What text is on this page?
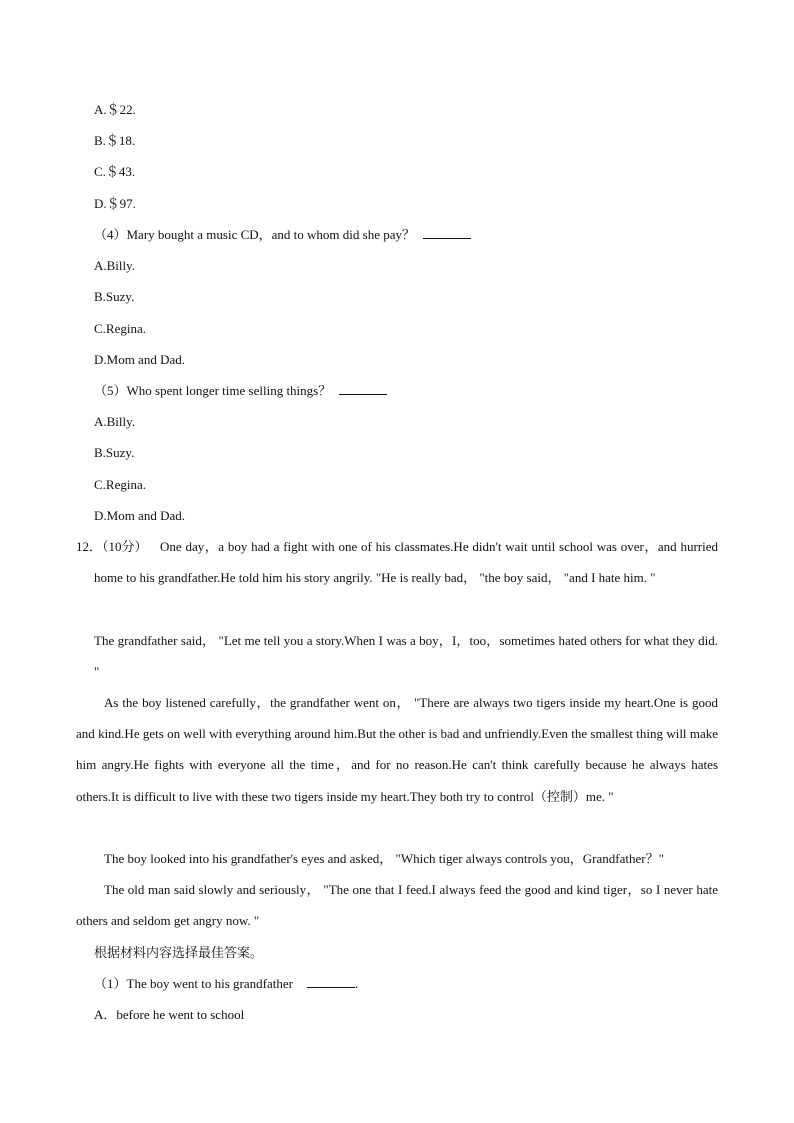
A.＄22.
B.＄18.
C.＄43.
D.＄97.
（4）Mary bought a music CD，and to whom did she pay？
A.Billy.
B.Suzy.
C.Regina.
D.Mom and Dad.
（5）Who spent longer time selling things？
A.Billy.
B.Suzy.
C.Regina.
D.Mom and Dad.
12．（10分） One day，a boy had a fight with one of his classmates.He didn't wait until school was over，and hurried home to his grandfather.He told him his story angrily. "He is really bad， "the boy said， "and I hate him. "
The grandfather said， "Let me tell you a story.When I was a boy，I，too，sometimes hated others for what they did. "
As the boy listened carefully，the grandfather went on， "There are always two tigers inside my heart.One is good and kind.He gets on well with everything around him.But the other is bad and unfriendly.Even the smallest thing will make him angry.He fights with everyone all the time，and for no reason.He can't think carefully because he always hates others.It is difficult to live with these two tigers inside my heart.They both try to control（控制）me. "
The boy looked into his grandfather's eyes and asked， "Which tiger always controls you，Grandfather？"
The old man said slowly and seriously， "The one that I feed.I always feed the good and kind tiger，so I never hate others and seldom get angry now. "
根据材料内容选择最佳答案。
（1）The boy went to his grandfather	.
A．before he went to school
